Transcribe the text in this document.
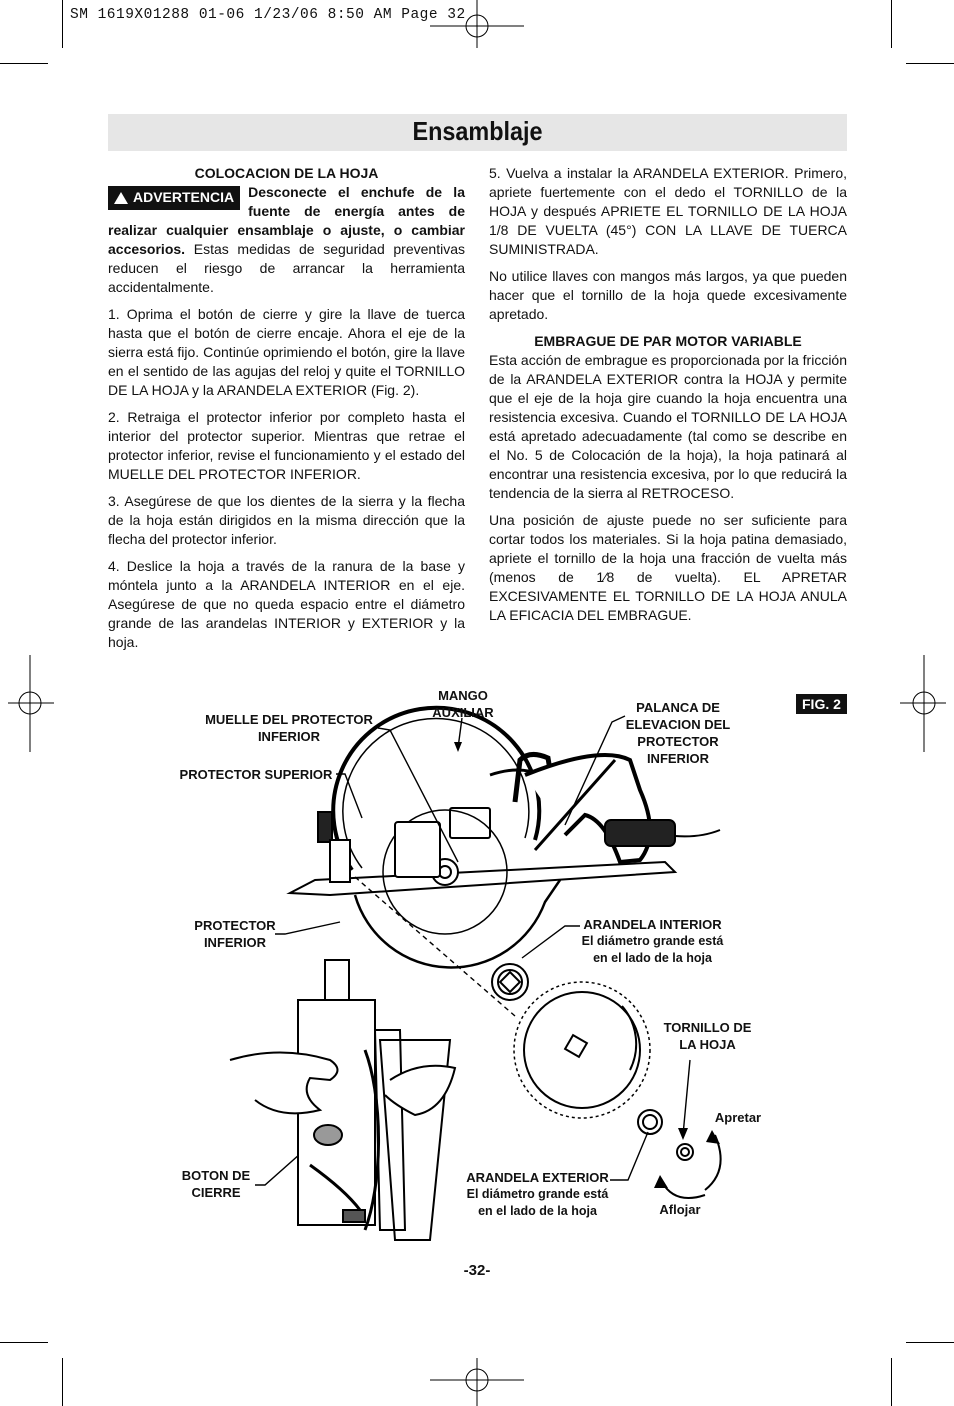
SM 1619X01288 01-06 1/23/06 8:50 AM Page 32
Ensamblaje

COLOCACION DE LA HOJA

ADVERTENCIA Desconecte el enchufe de la fuente de energía antes de realizar cualquier ensamblaje o ajuste, o cambiar accesorios. Estas medidas de seguridad preventivas reducen el riesgo de arrancar la herramienta accidentalmente.

1. Oprima el botón de cierre y gire la llave de tuerca hasta que el botón de cierre encaje. Ahora el eje de la sierra está fijo. Continúe oprimiendo el botón, gire la llave en el sentido de las agujas del reloj y quite el TORNILLO DE LA HOJA y la ARANDELA EXTERIOR (Fig. 2).

2. Retraiga el protector inferior por completo hasta el interior del protector superior. Mientras que retrae el protector inferior, revise el funcionamiento y el estado del MUELLE DEL PROTECTOR INFERIOR.

3. Asegúrese de que los dientes de la sierra y la flecha de la hoja están dirigidos en la misma dirección que la flecha del protector inferior.

4. Deslice la hoja a través de la ranura de la base y móntela junto a la ARANDELA INTERIOR en el eje. Asegúrese de que no queda espacio entre el diámetro grande de las arandelas INTERIOR y EXTERIOR y la hoja.

5. Vuelva a instalar la ARANDELA EXTERIOR. Primero, apriete fuertemente con el dedo el TORNILLO de la HOJA y después APRIETE EL TORNILLO DE LA HOJA 1/8 DE VUELTA (45°) CON LA LLAVE DE TUERCA SUMINISTRADA.

No utilice llaves con mangos más largos, ya que pueden hacer que el tornillo de la hoja quede excesivamente apretado.

EMBRAGUE DE PAR MOTOR VARIABLE

Esta acción de embrague es proporcionada por la fricción de la ARANDELA EXTERIOR contra la HOJA y permite que el eje de la hoja gire cuando la hoja encuentra una resistencia excesiva. Cuando el TORNILLO DE LA HOJA está apretado adecuadamente (tal como se describe en el No. 5 de Colocación de la hoja), la hoja patinará al encontrar una resistencia excesiva, por lo que reducirá la tendencia de la sierra al RETROCESO.

Una posición de ajuste puede no ser suficiente para cortar todos los materiales. Si la hoja patina demasiado, apriete el tornillo de la hoja una fracción de vuelta más (menos de 1⁄8 de vuelta). EL APRETAR EXCESIVAMENTE EL TORNILLO DE LA HOJA ANULA LA EFICACIA DEL EMBRAGUE.

FIG. 2
MANGO
AUXILIAR
MUELLE DEL PROTECTOR
INFERIOR
PALANCA DE
ELEVACION DEL
PROTECTOR
INFERIOR
PROTECTOR SUPERIOR
PROTECTOR
INFERIOR
ARANDELA INTERIOR
El diámetro grande está
en el lado de la hoja
TORNILLO DE
LA HOJA
Apretar
Aflojar
BOTON DE
CIERRE
ARANDELA EXTERIOR
El diámetro grande está
en el lado de la hoja
-32-
